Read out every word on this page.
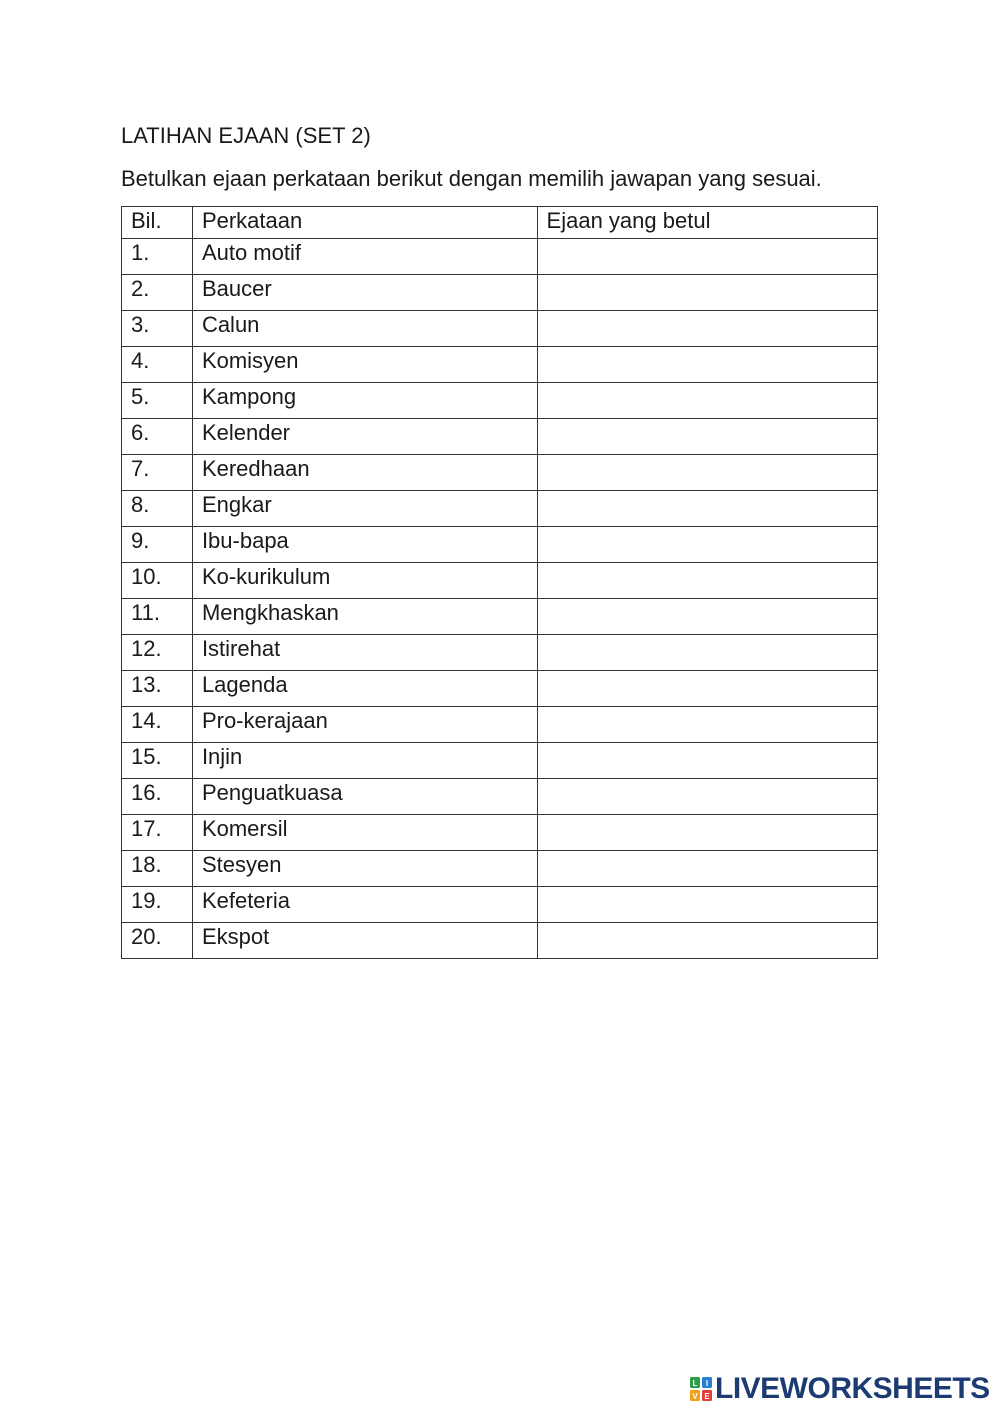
LATIHAN EJAAN (SET 2)

Betulkan ejaan perkataan berikut dengan memilih jawapan yang sesuai.

Bil.	Perkataan	Ejaan yang betul
1.	Auto motif	

2.	Baucer	

3.	Calun	

4.	Komisyen	

5.	Kampong	

6.	Kelender	

7.	Keredhaan	

8.	Engkar	

9.	Ibu-bapa	

10.	Ko-kurikulum	

11.	Mengkhaskan	

12.	Istirehat	

13.	Lagenda	

14.	Pro-kerajaan	

15.	Injin	

16.	Penguatkuasa	

17.	Komersil	

18.	Stesyen	

19.	Kefeteria	

20.	Ekspot	
L I
V E LIVEWORKSHEETS
